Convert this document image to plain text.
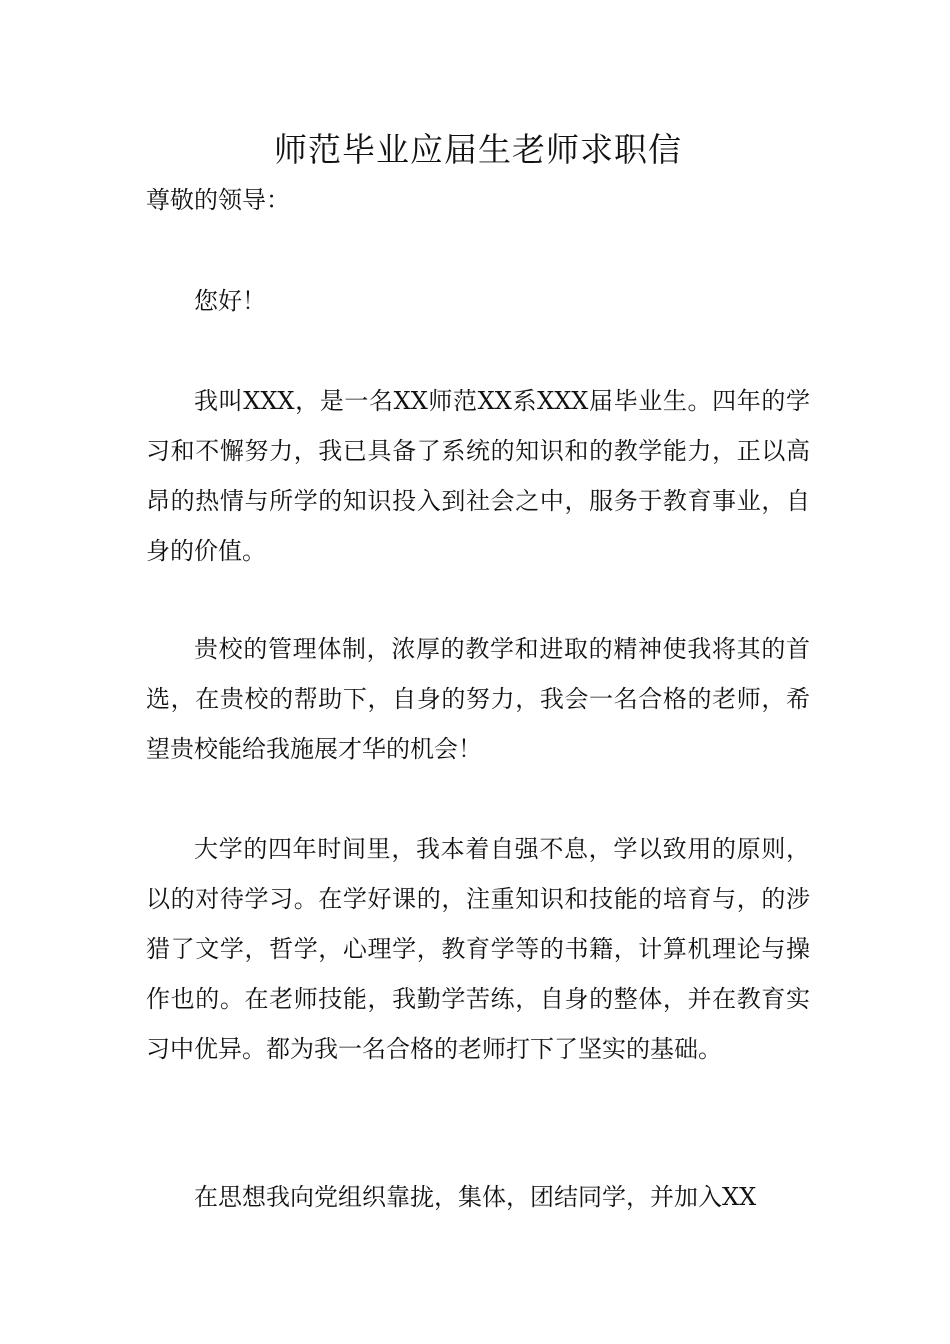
师范毕业应届生老师求职信

尊敬的领导：

您好！

我叫XXX，是一名XX师范XX系XXX届毕业生。四年的学习和不懈努力，我已具备了系统的知识和的教学能力，正以高昂的热情与所学的知识投入到社会之中，服务于教育事业，自身的价值。

贵校的管理体制，浓厚的教学和进取的精神使我将其的首选，在贵校的帮助下，自身的努力，我会一名合格的老师，希望贵校能给我施展才华的机会！

大学的四年时间里，我本着自强不息，学以致用的原则，以的对待学习。在学好课的，注重知识和技能的培育与，的涉猎了文学，哲学，心理学，教育学等的书籍，计算机理论与操作也的。在老师技能，我勤学苦练，自身的整体，并在教育实习中优异。都为我一名合格的老师打下了坚实的基础。

在思想我向党组织靠拢，集体，团结同学，并加入XX
